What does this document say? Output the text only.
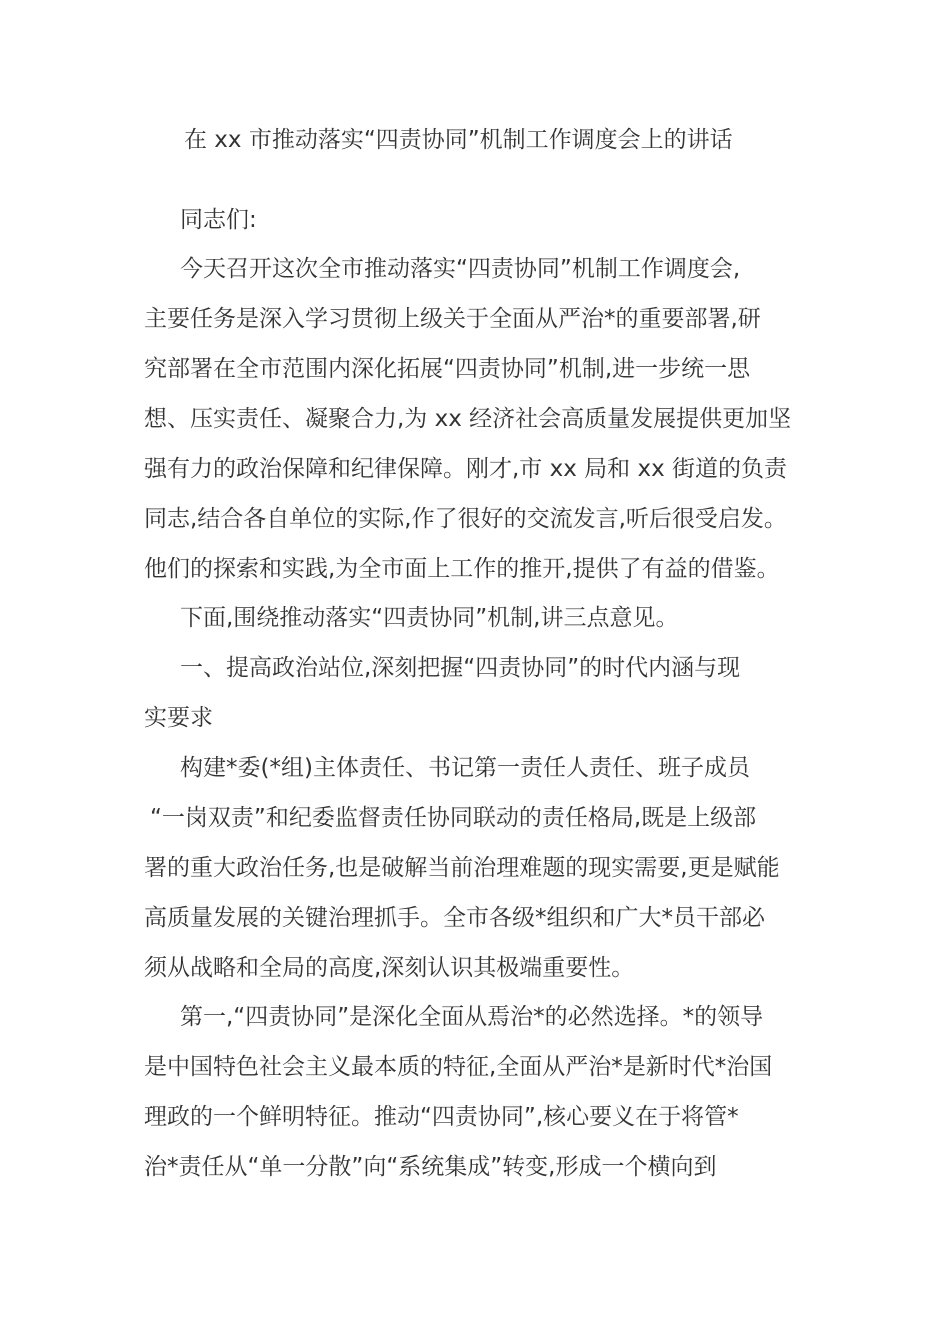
在 xx 市推动落实“四责协同”机制工作调度会上的讲话
同志们:
今天召开这次全市推动落实“四责协同”机制工作调度会,
主要任务是深入学习贯彻上级关于全面从严治*的重要部署,研
究部署在全市范围内深化拓展“四责协同”机制,进一步统一思
想、压实责任、凝聚合力,为 xx 经济社会高质量发展提供更加坚
强有力的政治保障和纪律保障。刚才,市 xx 局和 xx 街道的负责
同志,结合各自单位的实际,作了很好的交流发言,听后很受启发。
他们的探索和实践,为全市面上工作的推开,提供了有益的借鉴。
下面,围绕推动落实“四责协同”机制,讲三点意见。
一、提高政治站位,深刻把握“四责协同”的时代内涵与现
实要求
构建*委(*组)主体责任、书记第一责任人责任、班子成员
“一岗双责”和纪委监督责任协同联动的责任格局,既是上级部
署的重大政治任务,也是破解当前治理难题的现实需要,更是赋能
高质量发展的关键治理抓手。全市各级*组织和广大*员干部必
须从战略和全局的高度,深刻认识其极端重要性。
第一,“四责协同”是深化全面从焉治*的必然选择。*的领导
是中国特色社会主义最本质的特征,全面从严治*是新时代*治国
理政的一个鲜明特征。推动“四责协同”,核心要义在于将管*
治*责任从“单一分散”向“系统集成”转变,形成一个横向到
